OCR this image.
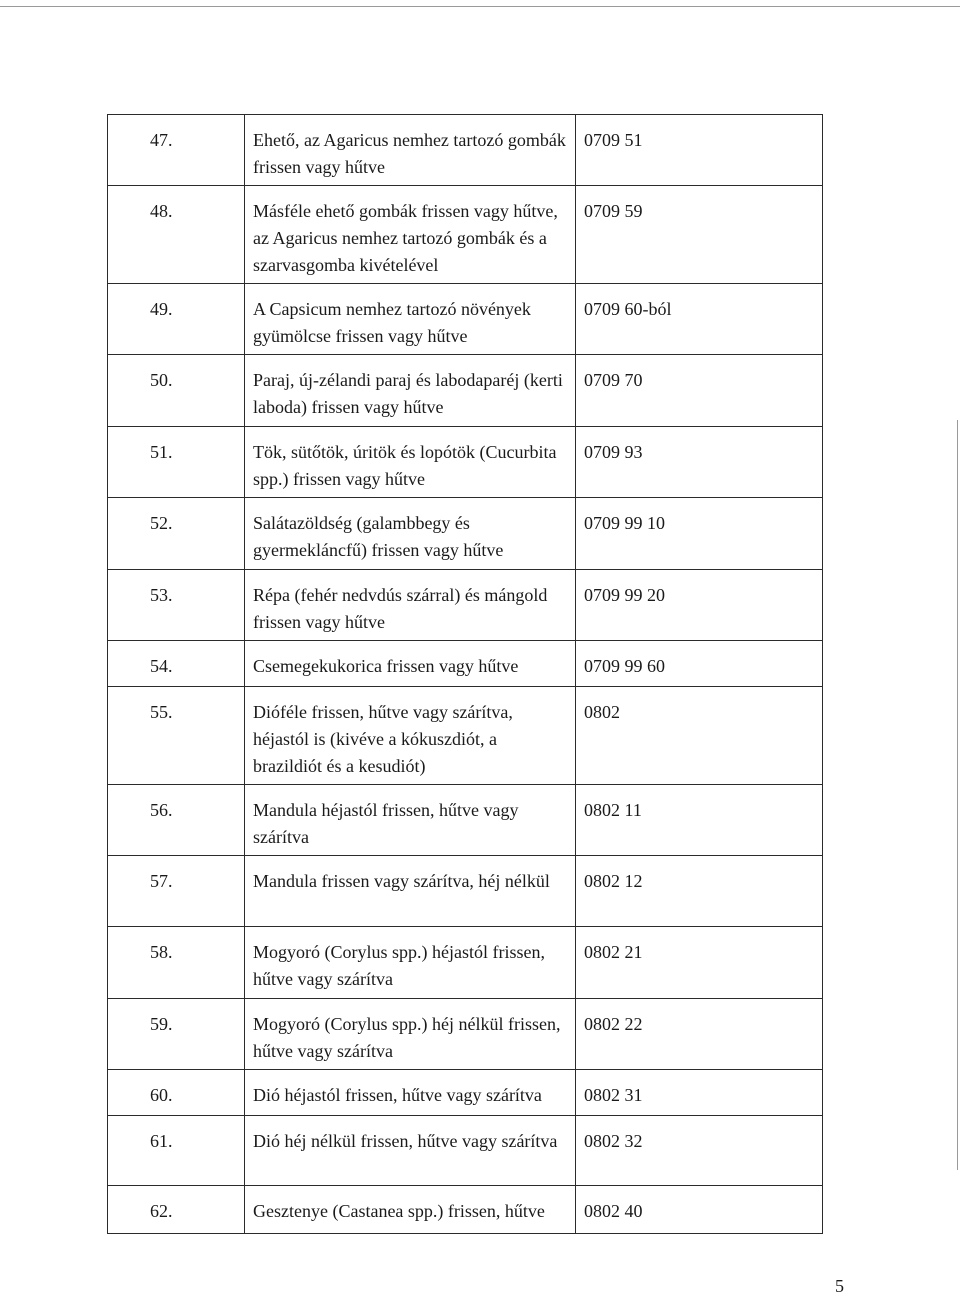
47.	Ehető, az Agaricus nemhez tartozó gombák frissen vagy hűtve	0709 51
48.	Másféle ehető gombák frissen vagy hűtve, az Agaricus nemhez tartozó gombák és a szarvasgomba kivételével	0709 59
49.	A Capsicum nemhez tartozó növények gyümölcse frissen vagy hűtve	0709 60-ból
50.	Paraj, új-zélandi paraj és labodaparéj (kerti laboda) frissen vagy hűtve	0709 70
51.	Tök, sütőtök, úritök és lopótök (Cucurbita spp.) frissen vagy hűtve	0709 93
52.	Salátazöldség (galambbegy és gyermekláncfű) frissen vagy hűtve	0709 99 10
53.	Répa (fehér nedvdús szárral) és mángold frissen vagy hűtve	0709 99 20
54.	Csemegekukorica frissen vagy hűtve	0709 99 60
55.	Dióféle frissen, hűtve vagy szárítva, héjastól is (kivéve a kókuszdiót, a brazildiót és a kesudiót)	0802
56.	Mandula héjastól frissen, hűtve vagy szárítva	0802 11
57.	Mandula frissen vagy szárítva, héj nélkül	0802 12
58.	Mogyoró (Corylus spp.) héjastól frissen, hűtve vagy szárítva	0802 21
59.	Mogyoró (Corylus spp.) héj nélkül frissen, hűtve vagy szárítva	0802 22
60.	Dió héjastól frissen, hűtve vagy szárítva	0802 31
61.	Dió héj nélkül frissen, hűtve vagy szárítva	0802 32
62.	Gesztenye (Castanea spp.) frissen, hűtve	0802 40
5
